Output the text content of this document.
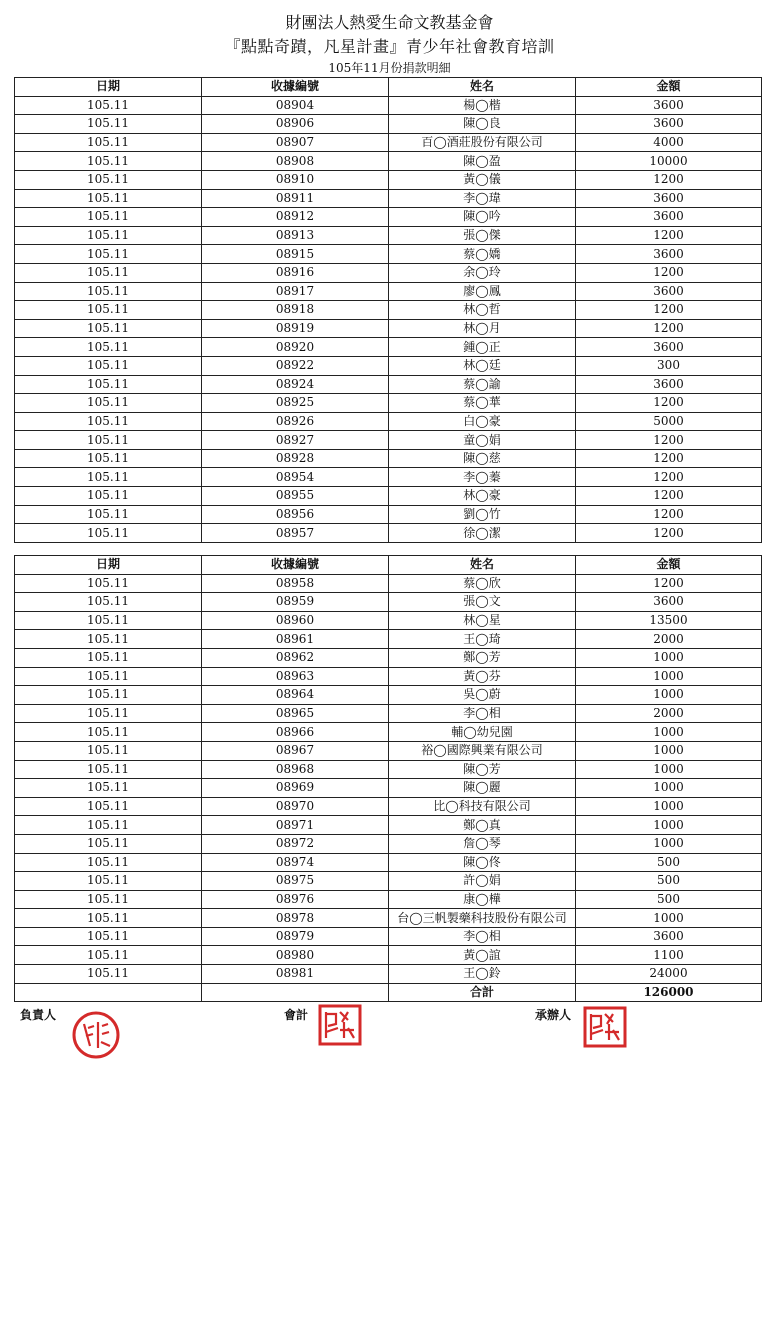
財團法人熱愛生命文教基金會
『點點奇蹟，凡星計畫』青少年社會教育培訓
105年11月份捐款明細
日期	收據編號	姓名	金額
105.11	08904	楊◯楷	3600
105.11	08906	陳◯良	3600
105.11	08907	百◯酒莊股份有限公司	4000
105.11	08908	陳◯盈	10000
105.11	08910	黃◯儀	1200
105.11	08911	李◯瑋	3600
105.11	08912	陳◯吟	3600
105.11	08913	張◯傑	1200
105.11	08915	蔡◯嬌	3600
105.11	08916	余◯玲	1200
105.11	08917	廖◯鳳	3600
105.11	08918	林◯哲	1200
105.11	08919	林◯月	1200
105.11	08920	鍾◯正	3600
105.11	08922	林◯廷	300
105.11	08924	蔡◯諭	3600
105.11	08925	蔡◯華	1200
105.11	08926	白◯豪	5000
105.11	08927	童◯娟	1200
105.11	08928	陳◯慈	1200
105.11	08954	李◯蓁	1200
105.11	08955	林◯豪	1200
105.11	08956	劉◯竹	1200
105.11	08957	徐◯潔	1200
日期	收據編號	姓名	金額
105.11	08958	蔡◯欣	1200
105.11	08959	張◯文	3600
105.11	08960	林◯星	13500
105.11	08961	王◯琦	2000
105.11	08962	鄭◯芳	1000
105.11	08963	黃◯芬	1000
105.11	08964	吳◯蔚	1000
105.11	08965	李◯相	2000
105.11	08966	輔◯幼兒園	1000
105.11	08967	裕◯國際興業有限公司	1000
105.11	08968	陳◯芳	1000
105.11	08969	陳◯麗	1000
105.11	08970	比◯科技有限公司	1000
105.11	08971	鄭◯真	1000
105.11	08972	詹◯琴	1000
105.11	08974	陳◯佟	500
105.11	08975	許◯娟	500
105.11	08976	康◯樺	500
105.11	08978	台◯三帆製藥科技股份有限公司	1000
105.11	08979	李◯相	3600
105.11	08980	黃◯誼	1100
105.11	08981	王◯鈴	24000
		合計	126000
負責人	會計	承辦人
